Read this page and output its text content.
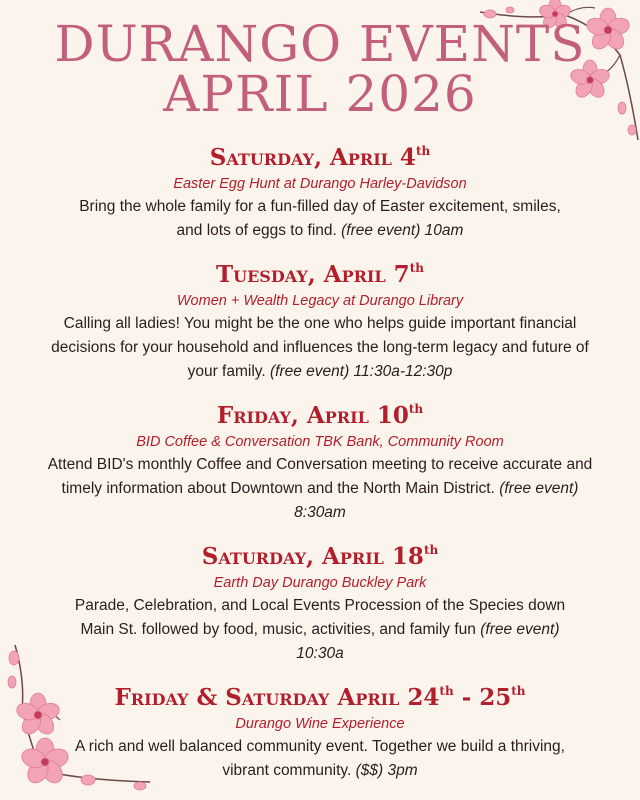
DURANGO EVENTS
APRIL 2026

Saturday, April 4th

Easter Egg Hunt at Durango Harley-Davidson

Bring the whole family for a fun-filled day of Easter excitement, smiles, and lots of eggs to find. (free event) 10am

Tuesday, April 7th

Women + Wealth Legacy at Durango Library

Calling all ladies! You might be the one who helps guide important financial decisions for your household and influences the long-term legacy and future of your family. (free event) 11:30a-12:30p

Friday, April 10th

BID Coffee & Conversation TBK Bank, Community Room

Attend BID's monthly Coffee and Conversation meeting to receive accurate and timely information about Downtown and the North Main District. (free event) 8:30am

Saturday, April 18th

Earth Day Durango Buckley Park

Parade, Celebration, and Local Events Procession of the Species down Main St. followed by food, music, activities, and family fun (free event) 10:30a

Friday & Saturday April 24th - 25th

Durango Wine Experience

A rich and well balanced community event. Together we build a thriving, vibrant community. ($$) 3pm
